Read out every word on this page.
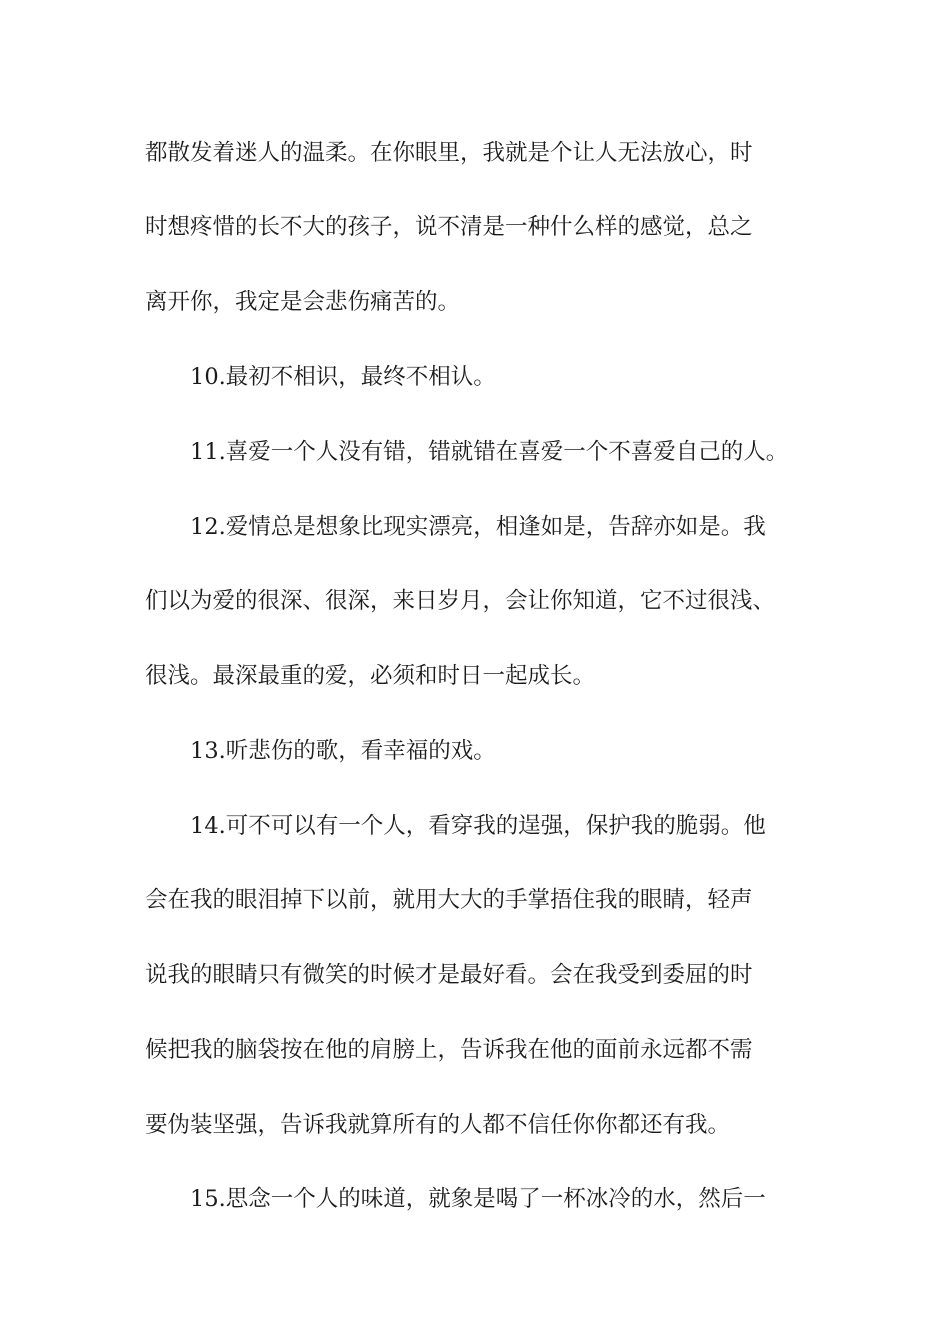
都散发着迷人的温柔。在你眼里，我就是个让人无法放心，时
时想疼惜的长不大的孩子，说不清是一种什么样的感觉，总之
离开你，我定是会悲伤痛苦的。
10.最初不相识，最终不相认。
11.喜爱一个人没有错，错就错在喜爱一个不喜爱自己的人。
12.爱情总是想象比现实漂亮，相逢如是，告辞亦如是。我
们以为爱的很深、很深，来日岁月，会让你知道，它不过很浅、
很浅。最深最重的爱，必须和时日一起成长。
13.听悲伤的歌，看幸福的戏。
14.可不可以有一个人，看穿我的逞强，保护我的脆弱。他
会在我的眼泪掉下以前，就用大大的手掌捂住我的眼睛，轻声
说我的眼睛只有微笑的时候才是最好看。会在我受到委屈的时
候把我的脑袋按在他的肩膀上，告诉我在他的面前永远都不需
要伪装坚强，告诉我就算所有的人都不信任你你都还有我。
15.思念一个人的味道，就象是喝了一杯冰冷的水，然后一
